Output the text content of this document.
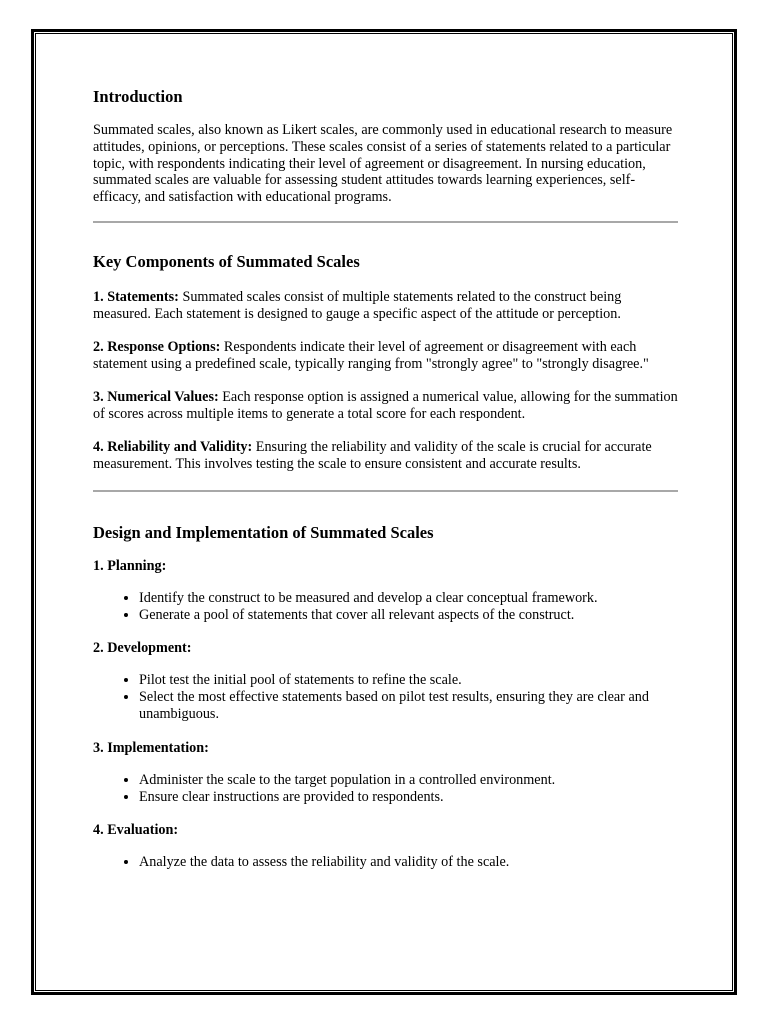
Introduction

Summated scales, also known as Likert scales, are commonly used in educational research to measure attitudes, opinions, or perceptions. These scales consist of a series of statements related to a particular topic, with respondents indicating their level of agreement or disagreement. In nursing education, summated scales are valuable for assessing student attitudes towards learning experiences, self-efficacy, and satisfaction with educational programs.

Key Components of Summated Scales

1. Statements: Summated scales consist of multiple statements related to the construct being measured. Each statement is designed to gauge a specific aspect of the attitude or perception.

2. Response Options: Respondents indicate their level of agreement or disagreement with each statement using a predefined scale, typically ranging from "strongly agree" to "strongly disagree."

3. Numerical Values: Each response option is assigned a numerical value, allowing for the summation of scores across multiple items to generate a total score for each respondent.

4. Reliability and Validity: Ensuring the reliability and validity of the scale is crucial for accurate measurement. This involves testing the scale to ensure consistent and accurate results.

Design and Implementation of Summated Scales
1. Planning:
• Identify the construct to be measured and develop a clear conceptual framework.
• Generate a pool of statements that cover all relevant aspects of the construct.
2. Development:
• Pilot test the initial pool of statements to refine the scale.
• Select the most effective statements based on pilot test results, ensuring they are clear and unambiguous.
3. Implementation:
• Administer the scale to the target population in a controlled environment.
• Ensure clear instructions are provided to respondents.
4. Evaluation:
• Analyze the data to assess the reliability and validity of the scale.
